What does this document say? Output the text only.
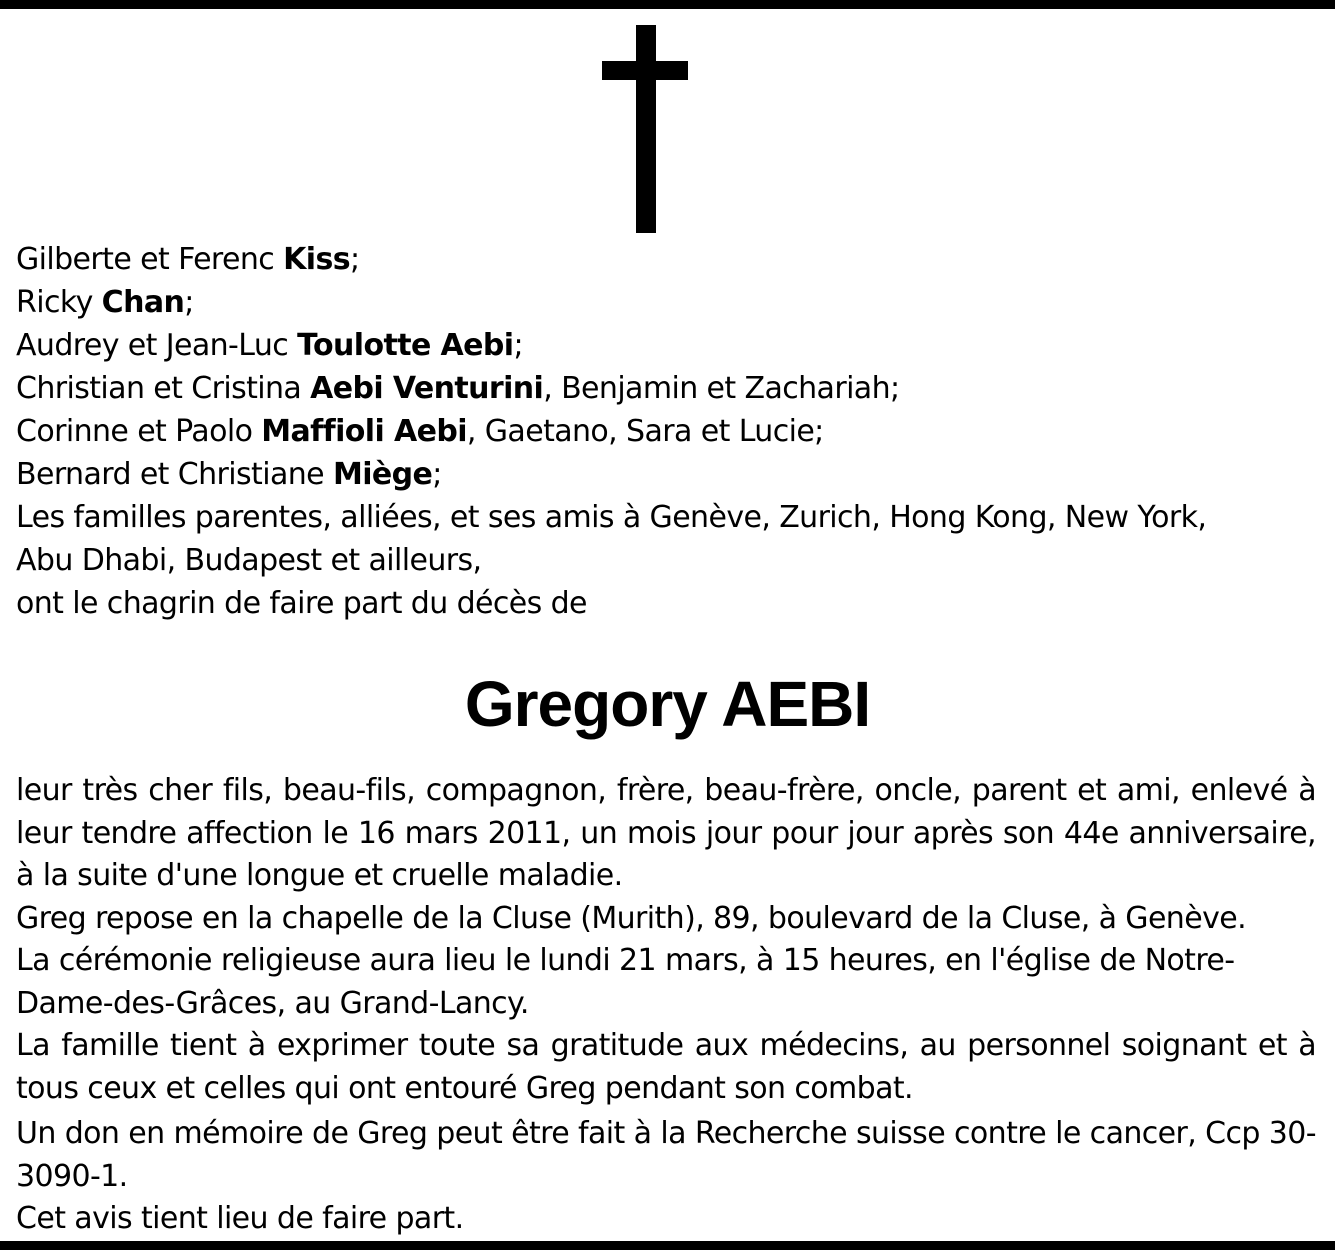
Gilberte et Ferenc Kiss;
Ricky Chan;
Audrey et Jean-Luc Toulotte Aebi;
Christian et Cristina Aebi Venturini, Benjamin et Zachariah;
Corinne et Paolo Maffioli Aebi, Gaetano, Sara et Lucie;
Bernard et Christiane Miège;
Les familles parentes, alliées, et ses amis à Genève, Zurich, Hong Kong, New York,
Abu Dhabi, Budapest et ailleurs,
ont le chagrin de faire part du décès de
Gregory AEBI

leur très cher fils, beau-fils, compagnon, frère, beau-frère, oncle, parent et ami, enlevé à leur tendre affection le 16 mars 2011, un mois jour pour jour après son 44e anniversaire, à la suite d'une longue et cruelle maladie.

Greg repose en la chapelle de la Cluse (Murith), 89, boulevard de la Cluse, à Genève.

La cérémonie religieuse aura lieu le lundi 21 mars, à 15 heures, en l'église de Notre-Dame-des-Grâces, au Grand-Lancy.

La famille tient à exprimer toute sa gratitude aux médecins, au personnel soignant et à tous ceux et celles qui ont entouré Greg pendant son combat.

Un don en mémoire de Greg peut être fait à la Recherche suisse contre le cancer, Ccp 30-3090-1.

Cet avis tient lieu de faire part.
